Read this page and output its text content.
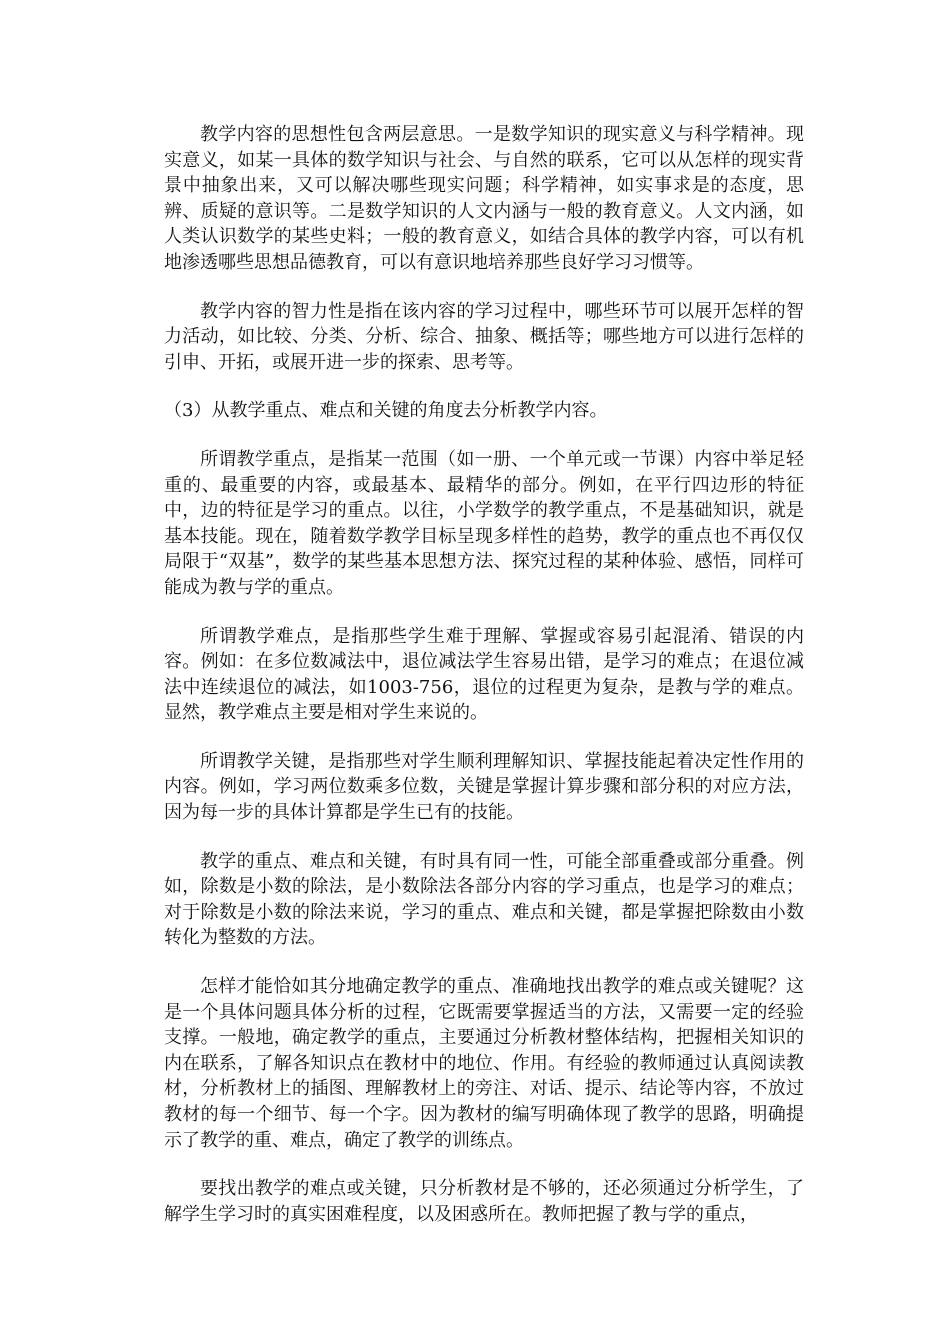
教学内容的思想性包含两层意思。一是数学知识的现实意义与科学精神。现实意义，如某一具体的数学知识与社会、与自然的联系，它可以从怎样的现实背景中抽象出来，又可以解决哪些现实问题；科学精神，如实事求是的态度，思辨、质疑的意识等。二是数学知识的人文内涵与一般的教育意义。人文内涵，如人类认识数学的某些史料；一般的教育意义，如结合具体的教学内容，可以有机地渗透哪些思想品德教育，可以有意识地培养那些良好学习习惯等。

教学内容的智力性是指在该内容的学习过程中，哪些环节可以展开怎样的智力活动，如比较、分类、分析、综合、抽象、概括等；哪些地方可以进行怎样的引申、开拓，或展开进一步的探索、思考等。

（3）从教学重点、难点和关键的角度去分析教学内容。

所谓教学重点，是指某一范围（如一册、一个单元或一节课）内容中举足轻重的、最重要的内容，或最基本、最精华的部分。例如，在平行四边形的特征中，边的特征是学习的重点。以往，小学数学的教学重点，不是基础知识，就是基本技能。现在，随着数学教学目标呈现多样性的趋势，教学的重点也不再仅仅局限于“双基”，数学的某些基本思想方法、探究过程的某种体验、感悟，同样可能成为教与学的重点。

所谓教学难点，是指那些学生难于理解、掌握或容易引起混淆、错误的内容。例如：在多位数减法中，退位减法学生容易出错，是学习的难点；在退位减法中连续退位的减法，如1003-756，退位的过程更为复杂，是教与学的难点。显然，教学难点主要是相对学生来说的。

所谓教学关键，是指那些对学生顺利理解知识、掌握技能起着决定性作用的内容。例如，学习两位数乘多位数，关键是掌握计算步骤和部分积的对应方法，因为每一步的具体计算都是学生已有的技能。

教学的重点、难点和关键，有时具有同一性，可能全部重叠或部分重叠。例如，除数是小数的除法，是小数除法各部分内容的学习重点，也是学习的难点；对于除数是小数的除法来说，学习的重点、难点和关键，都是掌握把除数由小数转化为整数的方法。

怎样才能恰如其分地确定教学的重点、准确地找出教学的难点或关键呢？这是一个具体问题具体分析的过程，它既需要掌握适当的方法，又需要一定的经验支撑。一般地，确定教学的重点，主要通过分析教材整体结构，把握相关知识的内在联系，了解各知识点在教材中的地位、作用。有经验的教师通过认真阅读教材，分析教材上的插图、理解教材上的旁注、对话、提示、结论等内容，不放过教材的每一个细节、每一个字。因为教材的编写明确体现了教学的思路，明确提示了教学的重、难点，确定了教学的训练点。

要找出教学的难点或关键，只分析教材是不够的，还必须通过分析学生，了解学生学习时的真实困难程度，以及困惑所在。教师把握了教与学的重点，
